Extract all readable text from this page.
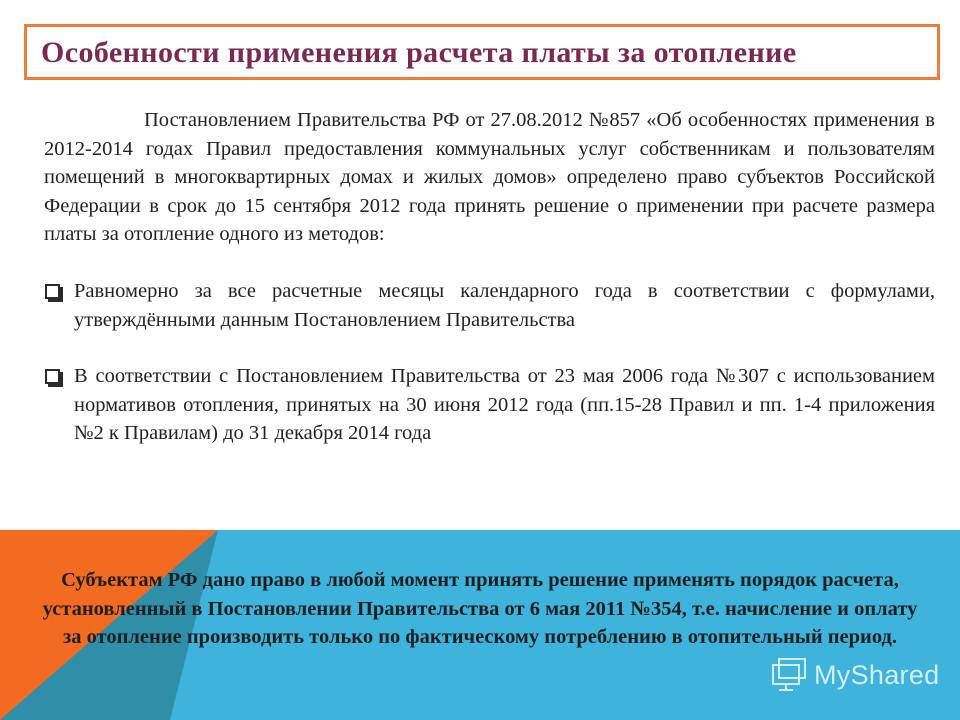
Особенности применения расчета платы за отопление

Постановлением Правительства РФ от 27.08.2012 №857 «Об особенностях применения в 2012-2014 годах Правил предоставления коммунальных услуг собственникам и пользователям помещений в многоквартирных домах и жилых домов» определено право субъектов Российской Федерации в срок до 15 сентября 2012 года принять решение о применении при расчете размера платы за отопление одного из методов:

Равномерно за все расчетные месяцы календарного года в соответствии с формулами, утверждёнными данным Постановлением Правительства
В соответствии с Постановлением Правительства от 23 мая 2006 года №307 с использованием нормативов отопления, принятых на 30 июня 2012 года (пп.15-28 Правил и пп. 1-4 приложения №2 к Правилам) до 31 декабря 2014 года
Субъектам РФ дано право в любой момент принять решение применять порядок расчета, установленный в Постановлении Правительства от 6 мая 2011 №354, т.е. начисление и оплату за отопление производить только по фактическому потреблению в отопительный период.
MyShared
